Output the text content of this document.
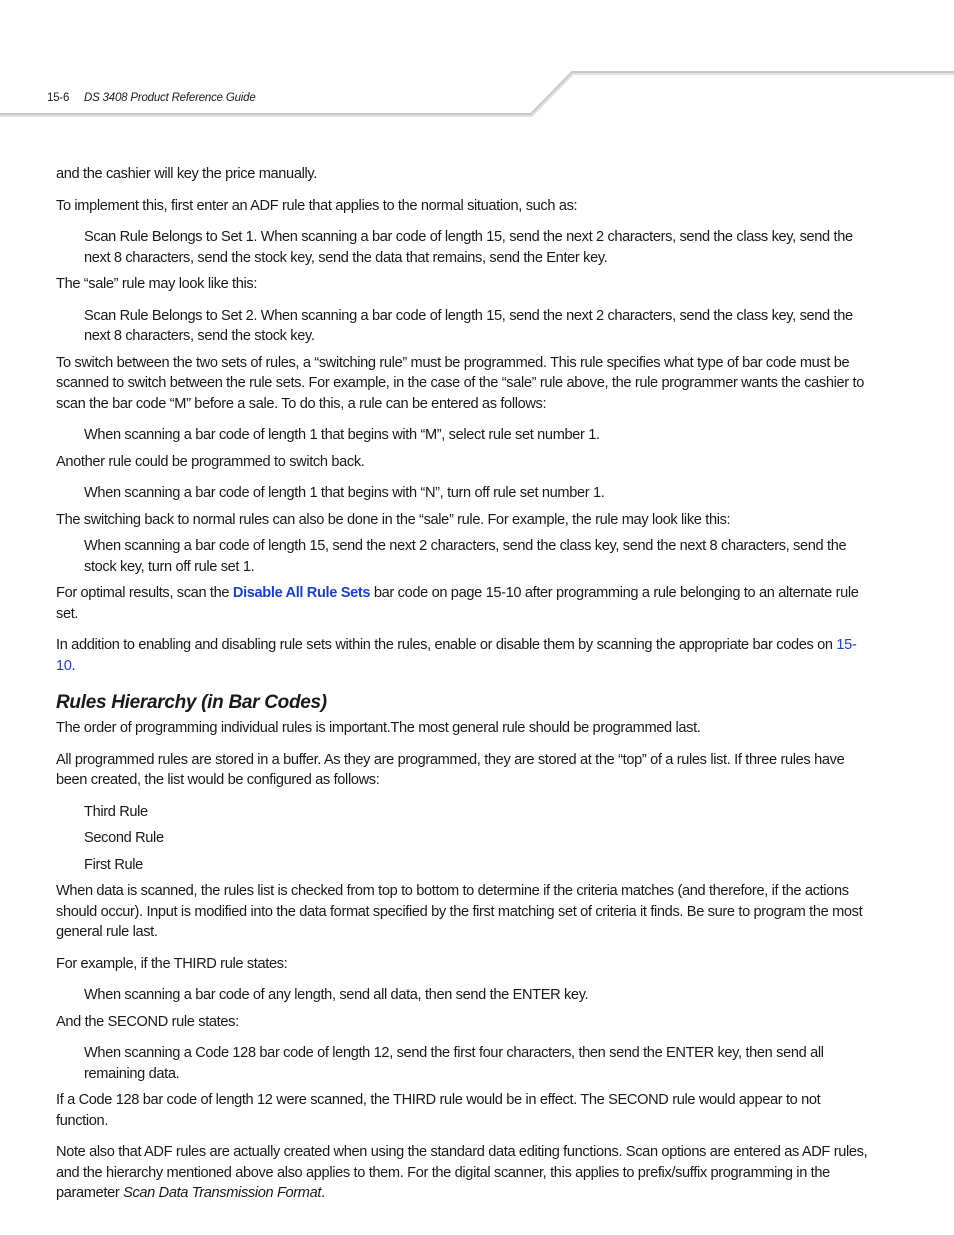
15-6 DS 3408 Product Reference Guide

and the cashier will key the price manually.

To implement this, first enter an ADF rule that applies to the normal situation, such as:

Scan Rule Belongs to Set 1. When scanning a bar code of length 15, send the next 2 characters, send the class key, send the next 8 characters, send the stock key, send the data that remains, send the Enter key.

The “sale” rule may look like this:

Scan Rule Belongs to Set 2. When scanning a bar code of length 15, send the next 2 characters, send the class key, send the next 8 characters, send the stock key.

To switch between the two sets of rules, a “switching rule” must be programmed. This rule specifies what type of bar code must be scanned to switch between the rule sets. For example, in the case of the “sale” rule above, the rule programmer wants the cashier to scan the bar code “M” before a sale. To do this, a rule can be entered as follows:

When scanning a bar code of length 1 that begins with “M”, select rule set number 1.

Another rule could be programmed to switch back.

When scanning a bar code of length 1 that begins with “N”, turn off rule set number 1.

The switching back to normal rules can also be done in the “sale” rule. For example, the rule may look like this:

When scanning a bar code of length 15, send the next 2 characters, send the class key, send the next 8 characters, send the stock key, turn off rule set 1.

For optimal results, scan the Disable All Rule Sets bar code on page 15-10 after programming a rule belonging to an alternate rule set.

In addition to enabling and disabling rule sets within the rules, enable or disable them by scanning the appropriate bar codes on 15-10.

Rules Hierarchy (in Bar Codes)

The order of programming individual rules is important.The most general rule should be programmed last.

All programmed rules are stored in a buffer. As they are programmed, they are stored at the “top” of a rules list. If three rules have been created, the list would be configured as follows:

Third Rule

Second Rule

First Rule

When data is scanned, the rules list is checked from top to bottom to determine if the criteria matches (and therefore, if the actions should occur). Input is modified into the data format specified by the first matching set of criteria it finds. Be sure to program the most general rule last.

For example, if the THIRD rule states:

When scanning a bar code of any length, send all data, then send the ENTER key.

And the SECOND rule states:

When scanning a Code 128 bar code of length 12, send the first four characters, then send the ENTER key, then send all remaining data.

If a Code 128 bar code of length 12 were scanned, the THIRD rule would be in effect. The SECOND rule would appear to not function.

Note also that ADF rules are actually created when using the standard data editing functions. Scan options are entered as ADF rules, and the hierarchy mentioned above also applies to them. For the digital scanner, this applies to prefix/suffix programming in the parameter Scan Data Transmission Format.
